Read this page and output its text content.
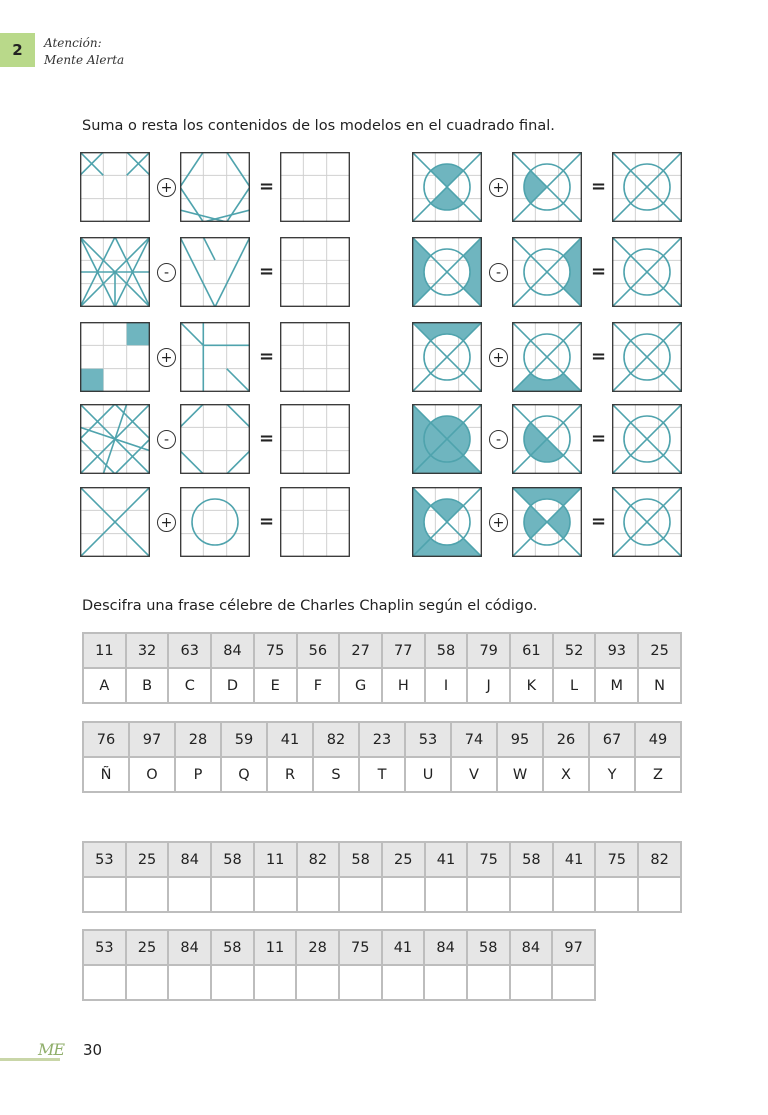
2	Atención:
Mente Alerta
Suma o resta los contenidos de los modelos en el cuadrado final.
+	=
-	=
+	=
-	=
+	=
+	=
-	=
+	=
-	=
+	=
Descifra una frase célebre de Charles Chaplin según el código.
11	32	63	84	75	56	27	77	58	79	61	52	93	25
A	B	C	D	E	F	G	H	I	J	K	L	M	N
76	97	28	59	41	82	23	53	74	95	26	67	49
Ñ	O	P	Q	R	S	T	U	V	W	X	Y	Z
53	25	84	58	11	82	58	25	41	75	58	41	75	82

53	25	84	58	11	28	75	41	84	58	84	97

ME 30
